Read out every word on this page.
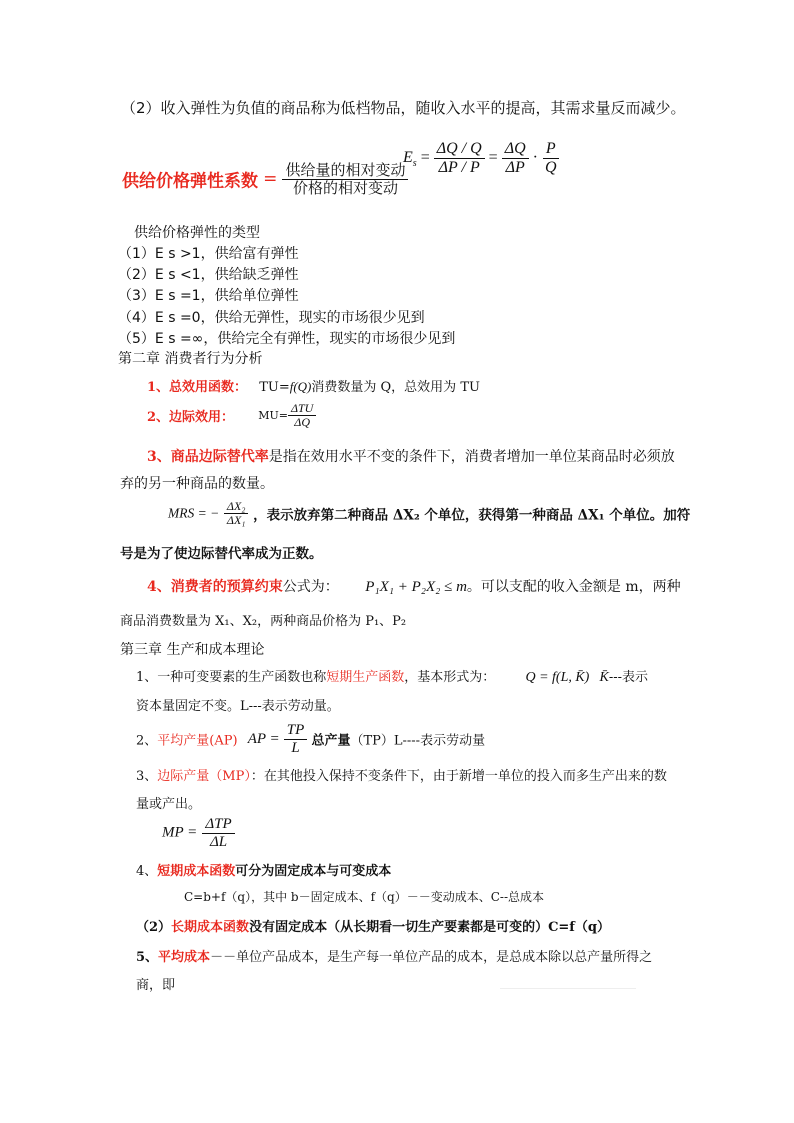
（2）收入弹性为负值的商品称为低档物品，随收入水平的提高，其需求量反而减少。
$E_s = \frac{\Delta Q / Q}{\Delta P / P} = \frac{\Delta Q}{\Delta P} \cdot \frac{P}{Q}$
供给价格弹性系数 = $\frac{\text{供给量的相对变动}}{\text{价格的相对变动}}$
供给价格弹性的类型
（1）E s >1，供给富有弹性
（2）E s <1，供给缺乏弹性
（3）E s =1，供给单位弹性
（4）E s =0，供给无弹性，现实的市场很少见到
（5）E s =∞，供给完全有弹性，现实的市场很少见到
第二章 消费者行为分析
1、总效用函数： TU=f(Q)消费数量为 Q，总效用为 TU
2、边际效用： $MU= \frac{\text{ΔTU}}{\Delta Q}$
3、商品边际替代率是指在效用水平不变的条件下，消费者增加一单位某商品时必须放
弃的另一种商品的数量。
MRS = − $\frac{\text{ΔX₂}}{\text{ΔX₁}}$ ，表示放弃第二种商品 ΔX₂ 个单位，获得第一种商品 ΔX₁ 个单位。加符
号是为了使边际替代率成为正数。
4、消费者的预算约束公式为： P₁X₁ + P₂X₂ ≤ m。可以支配的收入金额是 m，两种
商品消费数量为 X₁、X₂，两种商品价格为 P₁、P₂
第三章 生产和成本理论
1、一种可变要素的生产函数也称短期生产函数，基本形式为： Q = f(L, K̄) K̄---表示
资本量固定不变。L---表示劳动量。
2、平均产量(AP) AP = $\frac{TP}{L}$ 总产量（TP）L----表示劳动量
3、边际产量（MP）：在其他投入保持不变条件下，由于新增一单位的投入而多生产出来的数
量或产出。
MP = $\frac{\text{ΔTP}}{\Delta L}$
4、短期成本函数可分为固定成本与可变成本
C=b+f（q），其中 b－固定成本、f（q）－－变动成本、C--总成本
（2）长期成本函数没有固定成本（从长期看一切生产要素都是可变的）C=f（q）
5、平均成本－－单位产品成本，是生产每一单位产品的成本，是总成本除以总产量所得之
商，即
